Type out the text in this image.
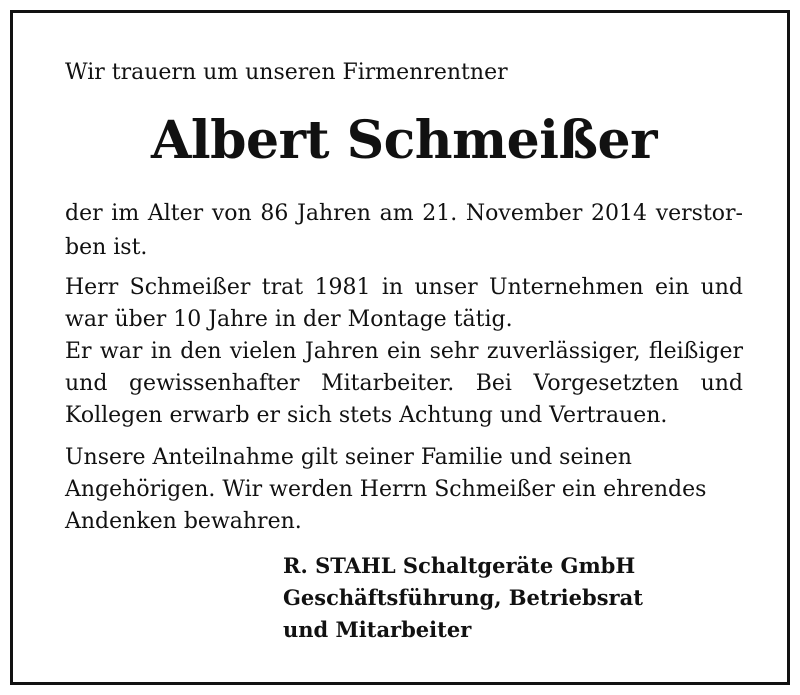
Wir trauern um unseren Firmenrentner
Albert Schmeißer
der im Alter von 86 Jahren am 21. November 2014 verstor-
ben ist.
Herr Schmeißer trat 1981 in unser Unternehmen ein und
war über 10 Jahre in der Montage tätig.
Er war in den vielen Jahren ein sehr zuverlässiger, fleißiger
und gewissenhafter Mitarbeiter. Bei Vorgesetzten und
Kollegen erwarb er sich stets Achtung und Vertrauen.
Unsere Anteilnahme gilt seiner Familie und seinen
Angehörigen. Wir werden Herrn Schmeißer ein ehrendes
Andenken bewahren.
R. STAHL Schaltgeräte GmbH
Geschäftsführung, Betriebsrat
und Mitarbeiter
